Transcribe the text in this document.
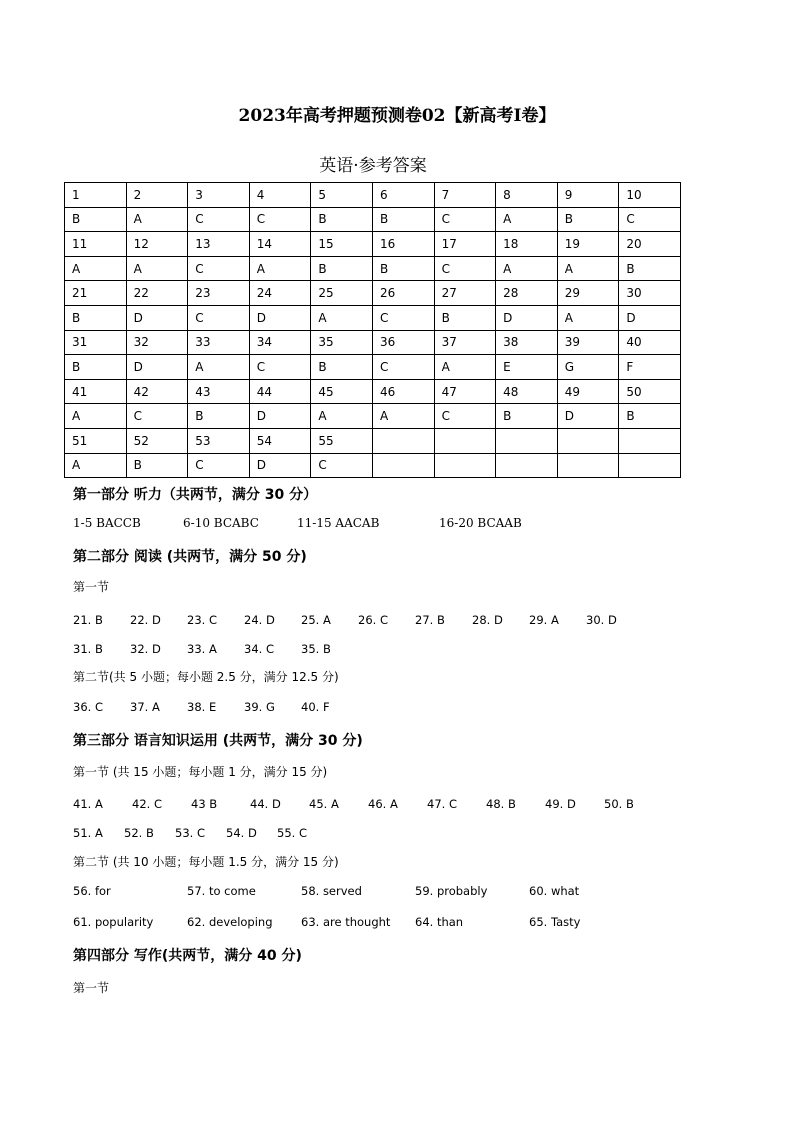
2023年高考押题预测卷02【新高考Ⅰ卷】
英语·参考答案
1	2	3	4	5	6	7	8	9	10
B	A	C	C	B	B	C	A	B	C
11	12	13	14	15	16	17	18	19	20
A	A	C	A	B	B	C	A	A	B
21	22	23	24	25	26	27	28	29	30
B	D	C	D	A	C	B	D	A	D
31	32	33	34	35	36	37	38	39	40
B	D	A	C	B	C	A	E	G	F
41	42	43	44	45	46	47	48	49	50
A	C	B	D	A	A	C	B	D	B
51	52	53	54	55					
A	B	C	D	C					
第一部分 听力（共两节，满分 30 分）
1-5 BACCB	6-10 BCABC	11-15 AACAB	16-20 BCAAB
第二部分 阅读 (共两节，满分 50 分)
第一节
21. B 22. D 23. C 24. D 25. A 26. C 27. B 28. D 29. A 30. D
31. B 32. D 33. A 34. C 35. B
第二节(共 5 小题；每小题 2.5 分，满分 12.5 分)
36. C 37. A 38. E 39. G 40. F
第三部分 语言知识运用 (共两节，满分 30 分)
第一节 (共 15 小题；每小题 1 分，满分 15 分)
41. A	42. C	43 B	44. D 45. A	46. A	47. C	48. B	49. D 50. B
51. A 52. B 53. C 54. D 55. C
第二节 (共 10 小题；每小题 1.5 分，满分 15 分)
56. for	57. to come	58. served	59. probably	60. what
61. popularity	62. developing 63. are thought 64. than	65. Tasty
第四部分 写作(共两节，满分 40 分)
第一节
